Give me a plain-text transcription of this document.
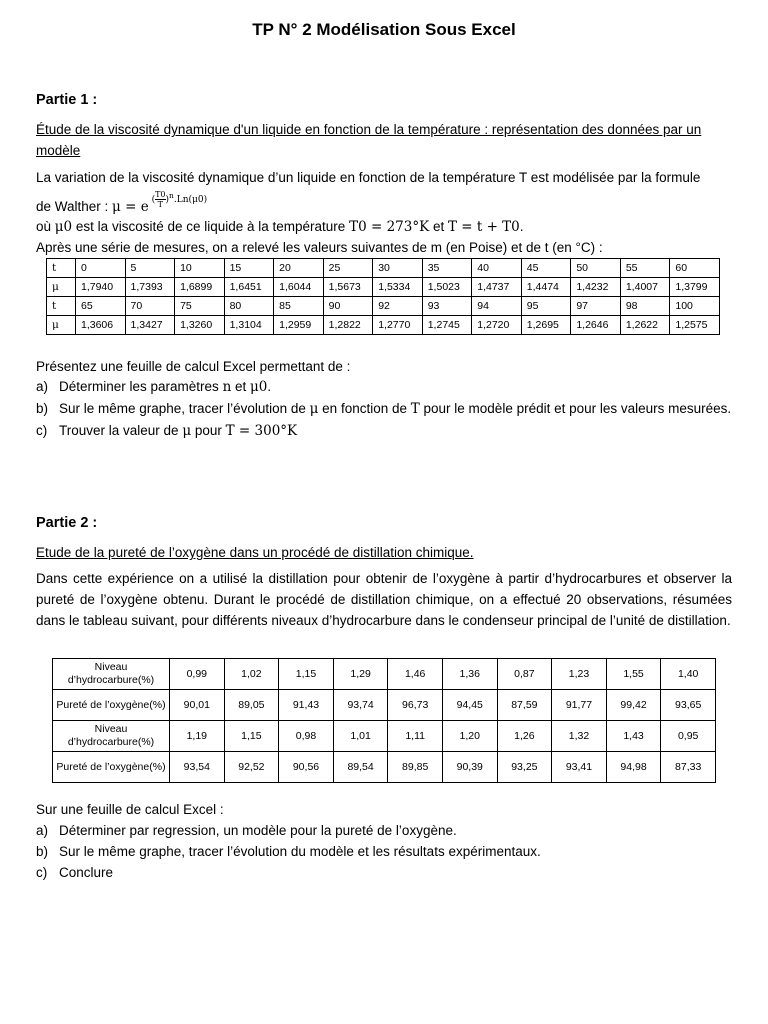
TP N° 2 Modélisation Sous Excel
Partie 1 :
Étude de la viscosité dynamique d'un liquide en fonction de la température : représentation des données par un modèle
La variation de la viscosité dynamique d’un liquide en fonction de la température T est modélisée par la formule
de Walther : μ = e $^{( \frac{T0}{T})^n.Ln(\mu 0)}$
où μ0 est la viscosité de ce liquide à la température T0 = 273°K et T = t + T0.
Après une série de mesures, on a relevé les valeurs suivantes de m (en Poise) et de t (en °C) :
t	0	5	10	15	20	25	30	35	40	45	50	55	60
μ	1,7940	1,7393	1,6899	1,6451	1,6044	1,5673	1,5334	1,5023	1,4737	1,4474	1,4232	1,4007	1,3799
t	65	70	75	80	85	90	92	93	94	95	97	98	100
μ	1,3606	1,3427	1,3260	1,3104	1,2959	1,2822	1,2770	1,2745	1,2720	1,2695	1,2646	1,2622	1,2575
Présentez une feuille de calcul Excel permettant de :
a) Déterminer les paramètres n et μ0.
b) Sur le même graphe, tracer l’évolution de μ en fonction de T pour le modèle prédit et pour les valeurs mesurées.
c) Trouver la valeur de μ pour T = 300°K
Partie 2 :
Etude de la pureté de l’oxygène dans un procédé de distillation chimique.
Dans cette expérience on a utilisé la distillation pour obtenir de l’oxygène à partir d’hydrocarbures et observer la pureté de l’oxygène obtenu. Durant le procédé de distillation chimique, on a effectué 20 observations, résumées dans le tableau suivant, pour différents niveaux d’hydrocarbure dans le condenseur principal de l’unité de distillation.
Niveau d’hydrocarbure(%)	0,99	1,02	1,15	1,29	1,46	1,36	0,87	1,23	1,55	1,40
Pureté de l’oxygène(%)	90,01	89,05	91,43	93,74	96,73	94,45	87,59	91,77	99,42	93,65
Niveau d’hydrocarbure(%)	1,19	1,15	0,98	1,01	1,11	1,20	1,26	1,32	1,43	0,95
Pureté de l’oxygène(%)	93,54	92,52	90,56	89,54	89,85	90,39	93,25	93,41	94,98	87,33
Sur une feuille de calcul Excel :
a) Déterminer par regression, un modèle pour la pureté de l’oxygène.
b) Sur le même graphe, tracer l’évolution du modèle et les résultats expérimentaux.
c) Conclure
